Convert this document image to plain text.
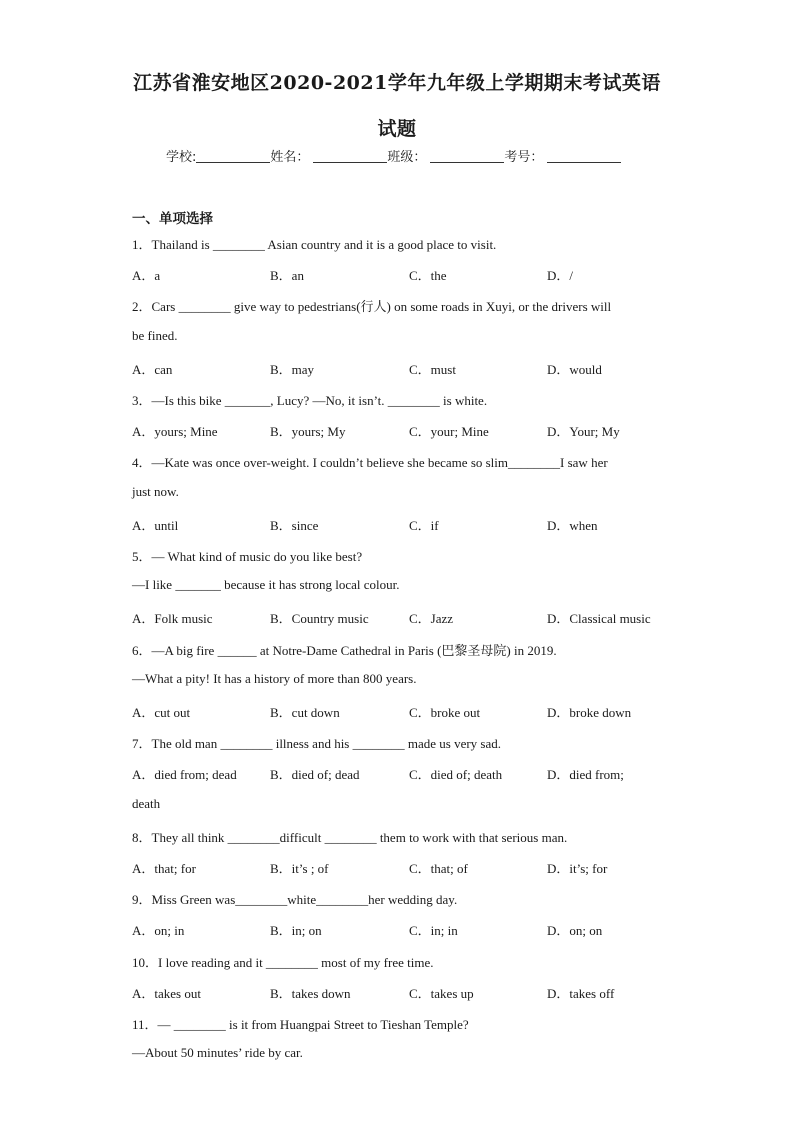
江苏省淮安地区2020-2021学年九年级上学期期末考试英语
试题
学校:	姓名：	班级：	考号：
一、单项选择
1．Thailand is ________ Asian country and it is a good place to visit.
A．a	B．an	C．the	D．/
2．Cars ________ give way to pedestrians(行人) on some roads in Xuyi, or the drivers will
be fined.
A．can	B．may	C．must	D．would
3．—Is this bike _______, Lucy? —No, it isn’t. ________ is white.
A．yours; Mine	B．yours; My	C．your; Mine	D．Your; My
4．—Kate was once over-weight. I couldn’t believe she became so slim________I saw her
just now.
A．until	B．since	C．if	D．when
5．— What kind of music do you like best?
—I like _______ because it has strong local colour.
A．Folk music	B．Country music	C．Jazz	D．Classical music
6．—A big fire ______ at Notre-Dame Cathedral in Paris (巴黎圣母院) in 2019.
—What a pity! It has a history of more than 800 years.
A．cut out	B．cut down	C．broke out	D．broke down
7．The old man ________ illness and his ________ made us very sad.
A．died from; dead	B．died of; dead	C．died of; death	D．died from;
death
8．They all think ________difficult ________ them to work with that serious man.
A．that; for	B．it’s ; of	C．that; of	D．it’s; for
9．Miss Green was________white________her wedding day.
A．on; in	B．in; on	C．in; in	D．on; on
10．I love reading and it ________ most of my free time.
A．takes out	B．takes down	C．takes up	D．takes off
11．— ________ is it from Huangpai Street to Tieshan Temple?
—About 50 minutes’ ride by car.
